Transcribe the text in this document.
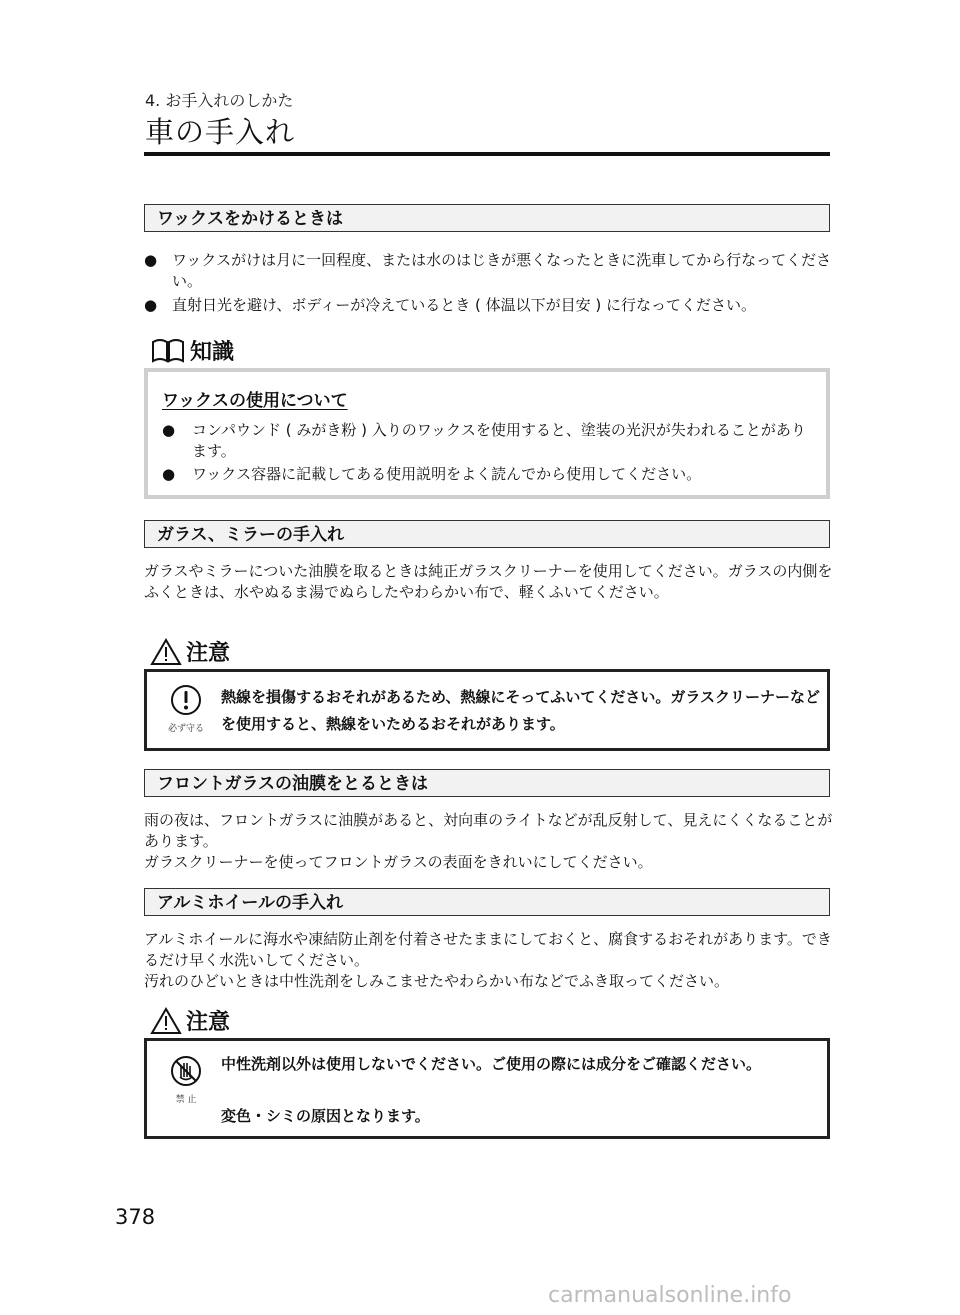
4. お手入れのしかた
車の手入れ
ワックスをかけるときは
● ワックスがけは月に一回程度、または水のはじきが悪くなったときに洗車してから行なってください。
● 直射日光を避け、ボディーが冷えているとき ( 体温以下が目安 ) に行なってください。
知識
ワックスの使用について
●	コンパウンド ( みがき粉 ) 入りのワックスを使用すると、塗装の光沢が失われることがあります。
●	ワックス容器に記載してある使用説明をよく読んでから使用してください。
ガラス、ミラーの手入れ
ガラスやミラーについた油膜を取るときは純正ガラスクリーナーを使用してください。ガラスの内側をふくときは、水やぬるま湯でぬらしたやわらかい布で、軽くふいてください。
注意
必ず守る
熱線を損傷するおそれがあるため、熱線にそってふいてください。ガラスクリーナーなどを使用すると、熱線をいためるおそれがあります。
フロントガラスの油膜をとるときは
雨の夜は、フロントガラスに油膜があると、対向車のライトなどが乱反射して、見えにくくなることがあります。
ガラスクリーナーを使ってフロントガラスの表面をきれいにしてください。
アルミホイールの手入れ
アルミホイールに海水や凍結防止剤を付着させたままにしておくと、腐食するおそれがあります。できるだけ早く水洗いしてください。
汚れのひどいときは中性洗剤をしみこませたやわらかい布などでふき取ってください。
注意
禁 止
中性洗剤以外は使用しないでください。ご使用の際には成分をご確認ください。
変色・シミの原因となります。
378
carmanualsonline.info
